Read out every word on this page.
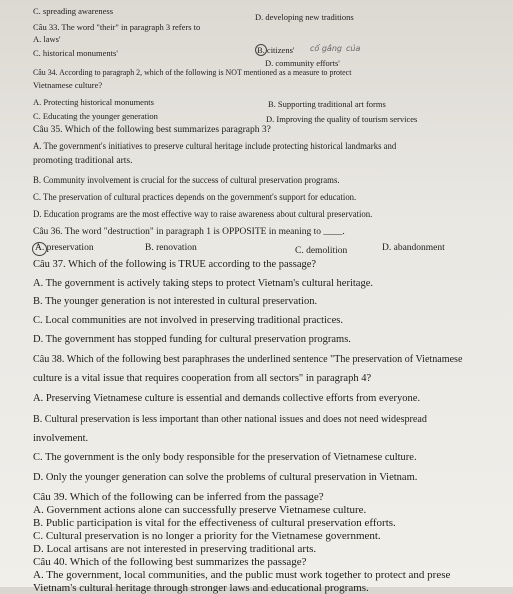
C. spreading awareness
D. developing new traditions
Câu 33. The word "their" in paragraph 3 refers to
A. laws'
B. citizens' cố gắng của
C. historical monuments'
D. community efforts'
Câu 34. According to paragraph 2, which of the following is NOT mentioned as a measure to protect
Vietnamese culture?
A. Protecting historical monuments	B. Supporting traditional art forms
C. Educating the younger generation	D. Improving the quality of tourism services
Câu 35. Which of the following best summarizes paragraph 3?
A. The government's initiatives to preserve cultural heritage include protecting historical landmarks and
promoting traditional arts.
B. Community involvement is crucial for the success of cultural preservation programs.
C. The preservation of cultural practices depends on the government's support for education.
D. Education programs are the most effective way to raise awareness about cultural preservation.
Câu 36. The word "destruction" in paragraph 1 is OPPOSITE in meaning to ____.
A. preservation	B. renovation	C. demolition	D. abandonment
Câu 37. Which of the following is TRUE according to the passage?
A. The government is actively taking steps to protect Vietnam's cultural heritage.
B. The younger generation is not interested in cultural preservation.
C. Local communities are not involved in preserving traditional practices.
D. The government has stopped funding for cultural preservation programs.
Câu 38. Which of the following best paraphrases the underlined sentence "The preservation of Vietnamese
culture is a vital issue that requires cooperation from all sectors" in paragraph 4?
A. Preserving Vietnamese culture is essential and demands collective efforts from everyone.
B. Cultural preservation is less important than other national issues and does not need widespread
involvement.
C. The government is the only body responsible for the preservation of Vietnamese culture.
D. Only the younger generation can solve the problems of cultural preservation in Vietnam.
Câu 39. Which of the following can be inferred from the passage?
A. Government actions alone can successfully preserve Vietnamese culture.
B. Public participation is vital for the effectiveness of cultural preservation efforts.
C. Cultural preservation is no longer a priority for the Vietnamese government.
D. Local artisans are not interested in preserving traditional arts.
Câu 40. Which of the following best summarizes the passage?
A. The government, local communities, and the public must work together to protect and prese
Vietnam's cultural heritage through stronger laws and educational programs.
